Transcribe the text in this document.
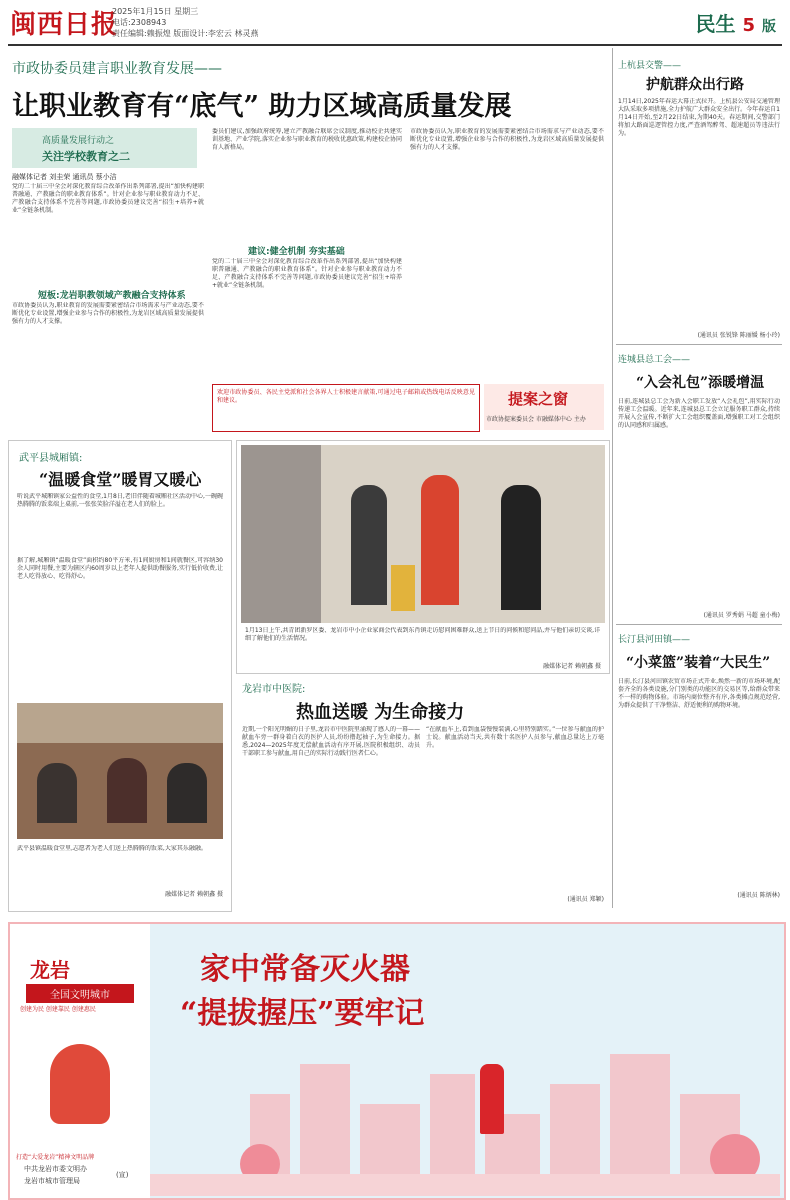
闽西日报
2025年1月15日 星期三
电话:2308943
责任编辑:赖振煌 版面设计:李宏云 林灵燕	民生 5 版
市政协委员建言职业教育发展——
让职业教育有“底气” 助力区域高质量发展
高质量发展行动之
关注学校教育之二
融媒体记者 刘圭荣 通讯员 蔡小洁
党的二十届三中全会对深化教育综合改革作出系列部署,提出“加快构建职普融通、产教融合的职业教育体系”。针对企业参与职业教育动力不足、产教融合支持体系不完善等问题,市政协委员建议完善“招生+培养+就业”全链条机制。
短板:龙岩职教领域产教融合支持体系
市政协委员认为,职业教育的发展需要紧密结合市场需求与产业动态,要不断优化专业设置,增强企业参与合作的积极性,为龙岩区域高质量发展提供强有力的人才支撑。
委员们建议,加强政府统筹,建立产教融合联席会议制度,推动校企共建实训基地、产业学院,落实企业参与职业教育的税收优惠政策,构建校企协同育人新格局。
建议:健全机制 夯实基础
党的二十届三中全会对深化教育综合改革作出系列部署,提出“加快构建职普融通、产教融合的职业教育体系”。针对企业参与职业教育动力不足、产教融合支持体系不完善等问题,市政协委员建议完善“招生+培养+就业”全链条机制。
市政协委员认为,职业教育的发展需要紧密结合市场需求与产业动态,要不断优化专业设置,增强企业参与合作的积极性,为龙岩区域高质量发展提供强有力的人才支撑。
欢迎市政协委员、各民主党派和社会各界人士积极建言献策,可通过电子邮箱或热线电话反映意见和建议。	提案之窗
市政协提案委员会 市融媒体中心 主办
武平县城厢镇:
“温暖食堂”暖胃又暖心
听说武平城厢镇家公益性的食堂,1月8日,老旧伴随着城厢社区活动中心,一碗碗热腾腾的饭菜端上桌前,一张张笑脸洋溢在老人们的脸上。
据了解,城厢镇“温暖食堂”面积约80平方米,有1间厨房和1间就餐区,可容纳30余人同时用餐,主要为辖区内60周岁以上老年人提供助餐服务,实行低价收费,让老人吃得放心、吃得舒心。
武平县镇温暖食堂里,志愿者为老人们送上热腾腾的饭菜,大家其乐融融。
融媒体记者 赖朝鑫 摄
1月13日上午,共青团新罗区委、龙岩市中小企业家商会代表到东肖镇走访慰问困难群众,送上节日的问候和慰问品,并与他们亲切交谈,详细了解他们的生活情况。
融媒体记者 赖朝鑫 摄
龙岩市中医院:
热血送暖 为生命接力
近期,一个阳光明媚的日子里,龙岩市中医院里涌现了感人的一幕——献血车旁一群身着白衣的医护人员,纷纷撸起袖子,为生命接力。据悉,2024—2025年度无偿献血活动有序开展,医院积极组织、动员干部职工参与献血,用自己的实际行动践行医者仁心。
“在献血车上,看到血袋慢慢装满,心里特别踏实。”一位参与献血的护士说。献血活动当天,共有数十名医护人员参与,献血总量达上万毫升。
(通讯员 郑颖)
上杭县交警——
护航群众出行路
1月14日,2025年春运大幕正式拉开。上杭县公安局交通管理大队采取多项措施,全力护航广大群众安全出行。今年春运自1月14日开始,至2月22日结束,为期40天。春运期间,交警部门将加大路面巡逻管控力度,严查酒驾醉驾、超速超员等违法行为。
(通讯员 张锐锋 陈丽媛 杨小玲)
连城县总工会——
“入会礼包”添暖增温
日前,连城县总工会为新入会职工发放“入会礼包”,用实际行动传递工会温暖。近年来,连城县总工会立足服务职工群众,持续开展入会宣传,不断扩大工会组织覆盖面,增强职工对工会组织的认同感和归属感。
(通讯员 罗秀娟 马超 童小梅)
长汀县河田镇——
“小菜篮”装着“大民生”
日前,长汀县河田镇农贸市场正式开业,焕然一新的市场环境,配套齐全的各类设施,分门别类的功能区的交易区等,给群众带来不一样的购物体验。市场内商位整齐有序,各类摊点规范经营,为群众提供了干净整洁、舒适便利的购物环境。
(通讯员 陈炳林)
龙岩
全国文明城市
创建为民 创建靠民 创建惠民
打造“大爱龙岩”精神文明品牌
中共龙岩市委文明办
龙岩市城市管理局
(宣)
家中常备灭火器
“提拔握压”要牢记
